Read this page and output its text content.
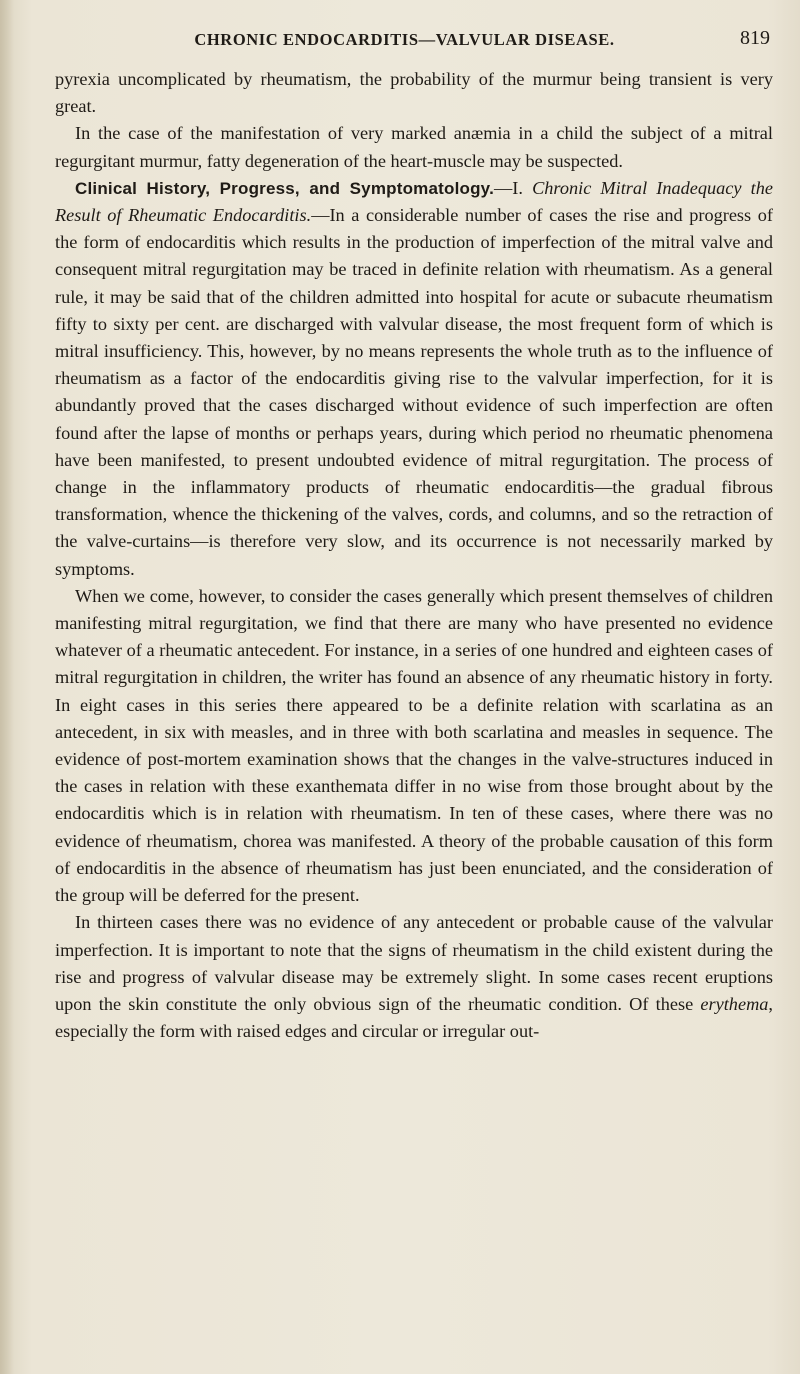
CHRONIC ENDOCARDITIS—VALVULAR DISEASE.	819

pyrexia uncomplicated by rheumatism, the probability of the murmur being transient is very great.

In the case of the manifestation of very marked anæmia in a child the subject of a mitral regurgitant murmur, fatty degeneration of the heart-muscle may be suspected.

Clinical History, Progress, and Symptomatology.—I. Chronic Mitral Inadequacy the Result of Rheumatic Endocarditis.—In a considerable number of cases the rise and progress of the form of endocarditis which results in the production of imperfection of the mitral valve and consequent mitral regurgitation may be traced in definite relation with rheumatism. As a general rule, it may be said that of the children admitted into hospital for acute or subacute rheumatism fifty to sixty per cent. are discharged with valvular disease, the most frequent form of which is mitral insufficiency. This, however, by no means represents the whole truth as to the influence of rheumatism as a factor of the endocarditis giving rise to the valvular imperfection, for it is abundantly proved that the cases discharged without evidence of such imperfection are often found after the lapse of months or perhaps years, during which period no rheumatic phenomena have been manifested, to present undoubted evidence of mitral regurgitation. The process of change in the inflammatory products of rheumatic endocarditis—the gradual fibrous transformation, whence the thickening of the valves, cords, and columns, and so the retraction of the valve-curtains—is therefore very slow, and its occurrence is not necessarily marked by symptoms.

When we come, however, to consider the cases generally which present themselves of children manifesting mitral regurgitation, we find that there are many who have presented no evidence whatever of a rheumatic antecedent. For instance, in a series of one hundred and eighteen cases of mitral regurgitation in children, the writer has found an absence of any rheumatic history in forty. In eight cases in this series there appeared to be a definite relation with scarlatina as an antecedent, in six with measles, and in three with both scarlatina and measles in sequence. The evidence of post-mortem examination shows that the changes in the valve-structures induced in the cases in relation with these exanthemata differ in no wise from those brought about by the endocarditis which is in relation with rheumatism. In ten of these cases, where there was no evidence of rheumatism, chorea was manifested. A theory of the probable causation of this form of endocarditis in the absence of rheumatism has just been enunciated, and the consideration of the group will be deferred for the present.

In thirteen cases there was no evidence of any antecedent or probable cause of the valvular imperfection. It is important to note that the signs of rheumatism in the child existent during the rise and progress of valvular disease may be extremely slight. In some cases recent eruptions upon the skin constitute the only obvious sign of the rheumatic condition. Of these erythema, especially the form with raised edges and circular or irregular out-
